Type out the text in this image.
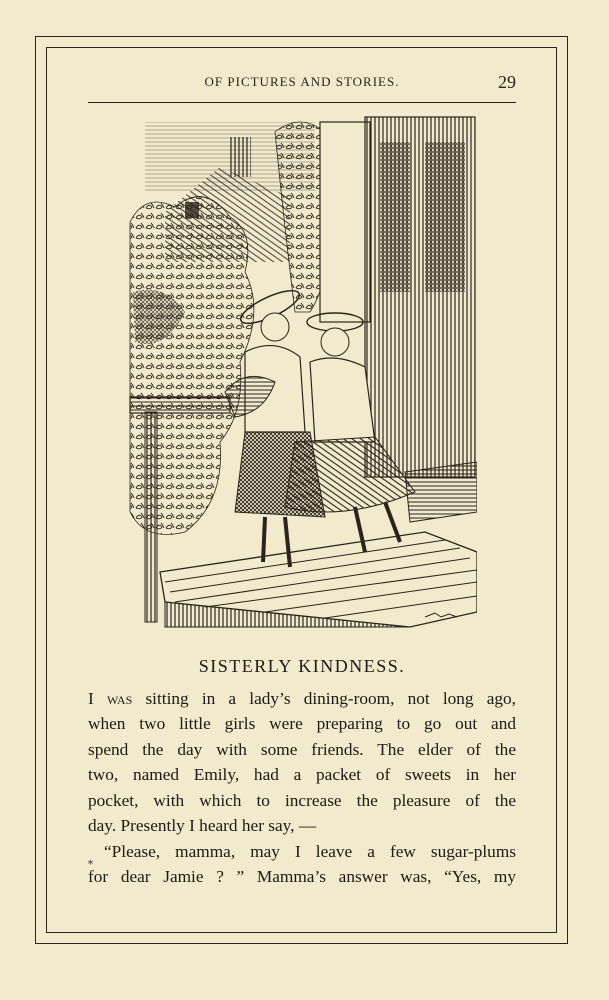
OF PICTURES AND STORIES.	29
SISTERLY KINDNESS.
I was sitting in a lady’s dining-room, not long ago,
when two little girls were preparing to go out and
spend the day with some friends. The elder of the
two, named Emily, had a packet of sweets in her
pocket, with which to increase the pleasure of the
day. Presently I heard her say, —
“Please, mamma, may I leave a few sugar-plums
for dear Jamie ? ” Mamma’s answer was, “Yes, my
⁎
